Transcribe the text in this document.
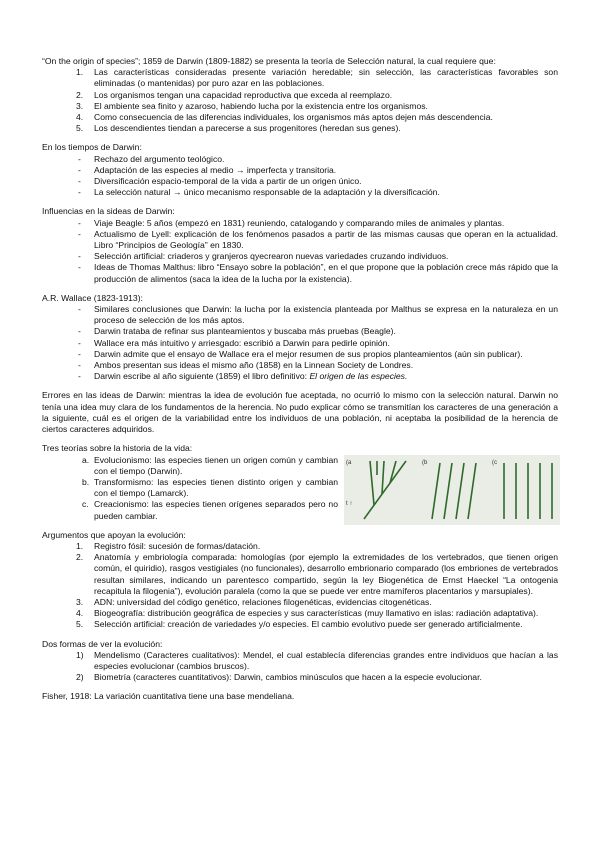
“On the origin of species”; 1859 de Darwin (1809-1882) se presenta la teoría de Selección natural, la cual requiere que:

1. Las características consideradas presente variación heredable; sin selección, las características favorables son eliminadas (o mantenidas) por puro azar en las poblaciones.
2. Los organismos tengan una capacidad reproductiva que exceda al reemplazo.
3. El ambiente sea finito y azaroso, habiendo lucha por la existencia entre los organismos.
4. Como consecuencia de las diferencias individuales, los organismos más aptos dejen más descendencia.
5. Los descendientes tiendan a parecerse a sus progenitores (heredan sus genes).

En los tiempos de Darwin:

- Rechazo del argumento teológico.
- Adaptación de las especies al medio → imperfecta y transitoria.
- Diversificación espacio-temporal de la vida a partir de un origen único.
- La selección natural → único mecanismo responsable de la adaptación y la diversificación.

Influencias en la sideas de Darwin:

- Viaje Beagle: 5 años (empezó en 1831) reuniendo, catalogando y comparando miles de animales y plantas.
- Actualismo de Lyell: explicación de los fenómenos pasados a partir de las mismas causas que operan en la actualidad. Libro “Principios de Geología” en 1830.
- Selección artificial: criaderos y granjeros qyecrearon nuevas variedades cruzando individuos.
- Ideas de Thomas Malthus: libro “Ensayo sobre la población”, en el que propone que la población crece más rápido que la producción de alimentos (saca la idea de la lucha por la existencia).

A.R. Wallace (1823-1913):

- Similares conclusiones que Darwin: la lucha por la existencia planteada por Malthus se expresa en la naturaleza en un proceso de selección de los más aptos.
- Darwin trataba de refinar sus planteamientos y buscaba más pruebas (Beagle).
- Wallace era más intuitivo y arriesgado: escribió a Darwin para pedirle opinión.
- Darwin admite que el ensayo de Wallace era el mejor resumen de sus propios planteamientos (aún sin publicar).
- Ambos presentan sus ideas el mismo año (1858) en la Linnean Society de Londres.
- Darwin escribe al año siguiente (1859) el libro definitivo: El origen de las especies.

Errores en las ideas de Darwin: mientras la idea de evolución fue aceptada, no ocurrió lo mismo con la selección natural. Darwin no tenía una idea muy clara de los fundamentos de la herencia. No pudo explicar cómo se transmitían los caracteres de una generación a la siguiente, cuál es el origen de la variabilidad entre los individuos de una población, ni aceptaba la posibilidad de la herencia de ciertos caracteres adquiridos.

Tres teorías sobre la historia de la vida:

a. Evolucionismo: las especies tienen un origen común y cambian con el tiempo (Darwin).
b. Transformismo: las especies tienen distinto origen y cambian con el tiempo (Lamarck).
c. Creacionismo: las especies tienen orígenes separados pero no pueden cambiar.
(a	(b	(c
t ↑

Argumentos que apoyan la evolución:

1. Registro fósil: sucesión de formas/datación.
2. Anatomía y embriología comparada: homologías (por ejemplo la extremidades de los vertebrados, que tienen origen común, el quiridio), rasgos vestigiales (no funcionales), desarrollo embrionario comparado (los embriones de vertebrados resultan similares, indicando un parentesco compartido, según la ley Biogenética de Ernst Haeckel “La ontogenia recapitula la filogenia”), evolución paralela (como la que se puede ver entre mamíferos placentarios y marsupiales).
3. ADN: universidad del código genético, relaciones filogenéticas, evidencias citogenéticas.
4. Biogeografía: distribución geográfica de especies y sus características (muy llamativo en islas: radiación adaptativa).
5. Selección artificial: creación de variedades y/o especies. El cambio evolutivo puede ser generado artificialmente.

Dos formas de ver la evolución:

1) Mendelismo (Caracteres cualitativos): Mendel, el cual establecía diferencias grandes entre individuos que hacían a las especies evolucionar (cambios bruscos).
2) Biometría (caracteres cuantitativos): Darwin, cambios minúsculos que hacen a la especie evolucionar.

Fisher, 1918: La variación cuantitativa tiene una base mendeliana.
